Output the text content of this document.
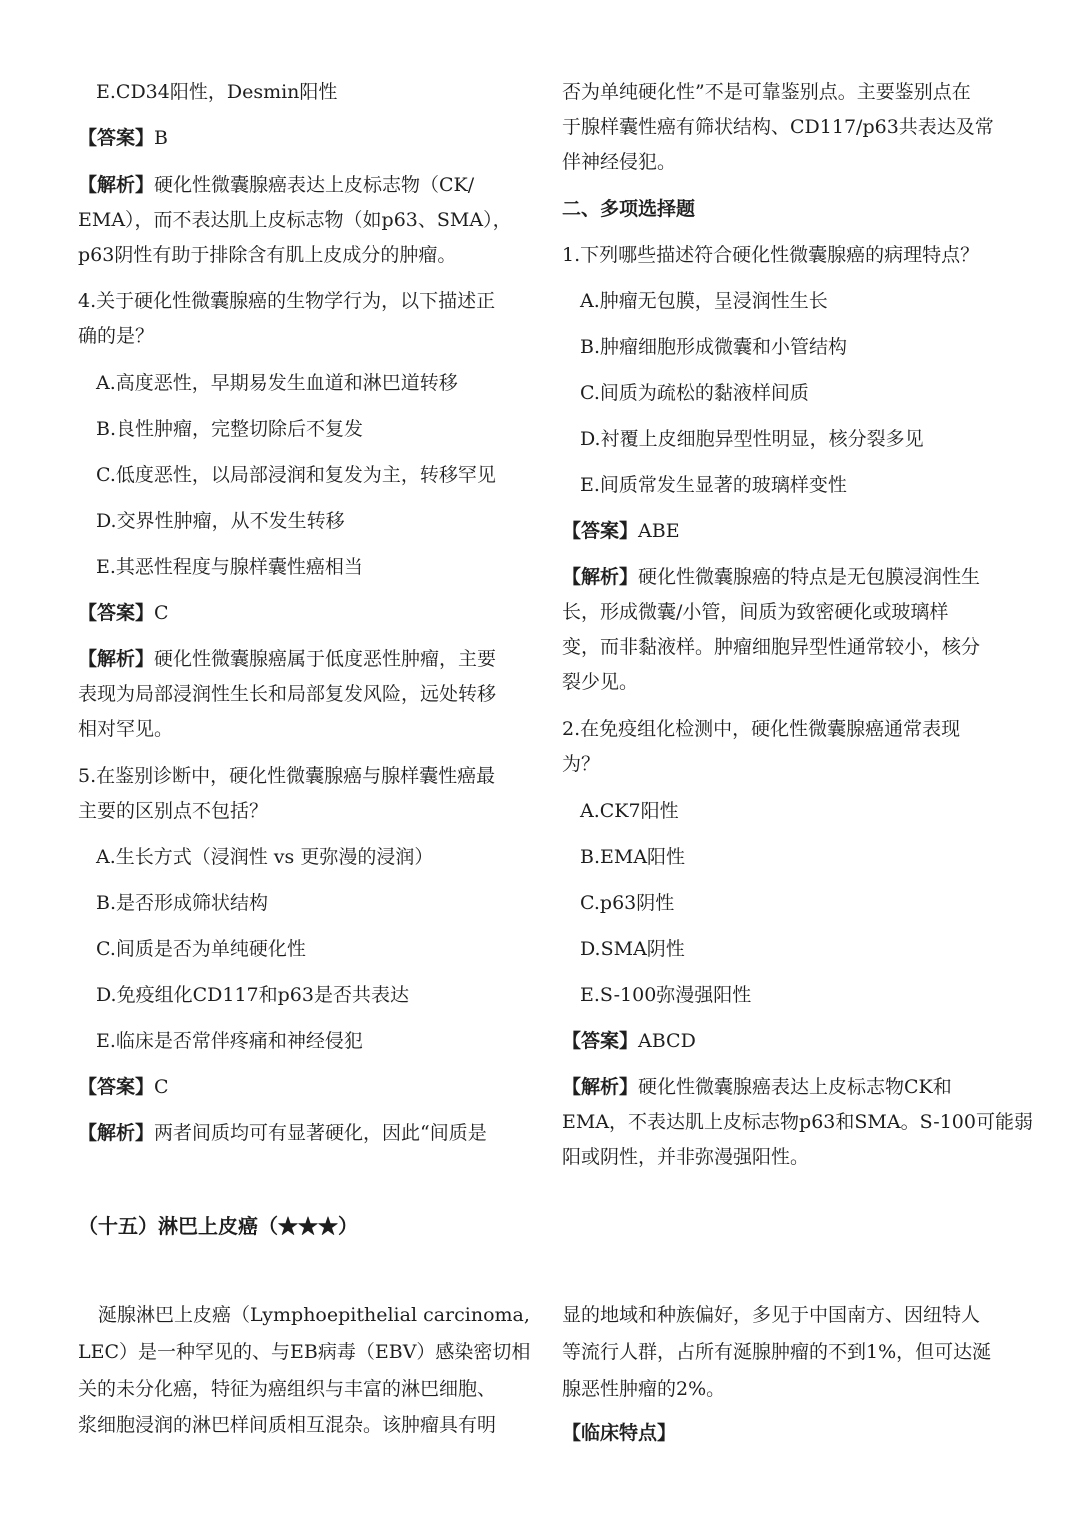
E.CD34阳性，Desmin阳性
【答案】B
【解析】硬化性微囊腺癌表达上皮标志物（CK/
EMA），而不表达肌上皮标志物（如p63、SMA），
p63阴性有助于排除含有肌上皮成分的肿瘤。
4.关于硬化性微囊腺癌的生物学行为，以下描述正
确的是？
A.高度恶性，早期易发生血道和淋巴道转移
B.良性肿瘤，完整切除后不复发
C.低度恶性，以局部浸润和复发为主，转移罕见
D.交界性肿瘤，从不发生转移
E.其恶性程度与腺样囊性癌相当
【答案】C
【解析】硬化性微囊腺癌属于低度恶性肿瘤，主要
表现为局部浸润性生长和局部复发风险，远处转移
相对罕见。
5.在鉴别诊断中，硬化性微囊腺癌与腺样囊性癌最
主要的区别点不包括？
A.生长方式（浸润性 vs 更弥漫的浸润）
B.是否形成筛状结构
C.间质是否为单纯硬化性
D.免疫组化CD117和p63是否共表达
E.临床是否常伴疼痛和神经侵犯
【答案】C
【解析】两者间质均可有显著硬化，因此“间质是
涎腺淋巴上皮癌（Lymphoepithelial carcinoma,
LEC）是一种罕见的、与EB病毒（EBV）感染密切相
关的未分化癌，特征为癌组织与丰富的淋巴细胞、
浆细胞浸润的淋巴样间质相互混杂。该肿瘤具有明
否为单纯硬化性”不是可靠鉴别点。主要鉴别点在
于腺样囊性癌有筛状结构、CD117/p63共表达及常
伴神经侵犯。
二、多项选择题
1.下列哪些描述符合硬化性微囊腺癌的病理特点？
A.肿瘤无包膜，呈浸润性生长
B.肿瘤细胞形成微囊和小管结构
C.间质为疏松的黏液样间质
D.衬覆上皮细胞异型性明显，核分裂多见
E.间质常发生显著的玻璃样变性
【答案】ABE
【解析】硬化性微囊腺癌的特点是无包膜浸润性生
长，形成微囊/小管，间质为致密硬化或玻璃样
变，而非黏液样。肿瘤细胞异型性通常较小，核分
裂少见。
2.在免疫组化检测中，硬化性微囊腺癌通常表现
为？
A.CK7阳性
B.EMA阳性
C.p63阴性
D.SMA阴性
E.S-100弥漫强阳性
【答案】ABCD
【解析】硬化性微囊腺癌表达上皮标志物CK和
EMA，不表达肌上皮标志物p63和SMA。S-100可能弱
阳或阴性，并非弥漫强阳性。
显的地域和种族偏好，多见于中国南方、因纽特人
等流行人群，占所有涎腺肿瘤的不到1%，但可达涎
腺恶性肿瘤的2%。
【临床特点】
（十五）淋巴上皮癌（★★★）
